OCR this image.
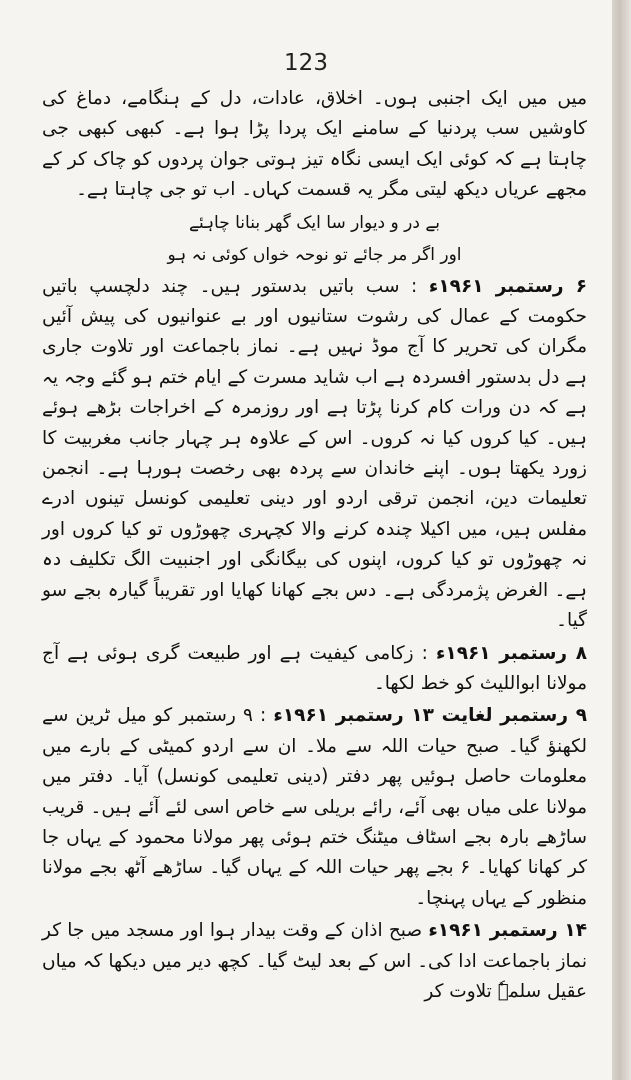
123

میں میں ایک اجنبی ہوں۔ اخلاق، عادات، دل کے ہنگامے، دماغ کی کاوشیں سب پردنیا کے سامنے ایک پردا پڑا ہوا ہے۔ کبھی کبھی جی چاہتا ہے کہ کوئی ایک ایسی نگاہ تیز ہوتی جوان پردوں کو چاک کر کے مجھے عریاں دیکھ لیتی مگر یہ قسمت کہاں۔ اب تو جی چاہتا ہے۔

بے در و دیوار سا ایک گھر بنانا چاہئے

اور اگر مر جائے تو نوحہ خواں کوئی نہ ہو

۶ رستمبر ۱۹۶۱ء : سب باتیں بدستور ہیں۔ چند دلچسپ باتیں حکومت کے عمال کی رشوت ستانیوں اور بے عنوانیوں کی پیش آئیں مگران کی تحریر کا آج موڈ نہیں ہے۔ نماز باجماعت اور تلاوت جاری ہے دل بدستور افسردہ ہے اب شاید مسرت کے ایام ختم ہو گئے وجہ یہ ہے کہ دن ورات کام کرنا پڑتا ہے اور روزمرہ کے اخراجات بڑھے ہوئے ہیں۔ کیا کروں کیا نہ کروں۔ اس کے علاوہ ہر چہار جانب مغربیت کا زورد یکھتا ہوں۔ اپنے خاندان سے پردہ بھی رخصت ہورہا ہے۔ انجمن تعلیمات دین، انجمن ترقی اردو اور دینی تعلیمی کونسل تینوں ادرے مفلس ہیں، میں اکیلا چندہ کرنے والا کچہری چھوڑوں تو کیا کروں اور نہ چھوڑوں تو کیا کروں، اپنوں کی بیگانگی اور اجنبیت الگ تکلیف دہ ہے۔ الغرض پژمردگی ہے۔ دس بجے کھانا کھایا اور تقریباً گیارہ بجے سو گیا۔

۸ رستمبر ۱۹۶۱ء : زکامی کیفیت ہے اور طبیعت گری ہوئی ہے آج مولانا ابواللیث کو خط لکھا۔

۹ رستمبر لغایت ۱۳ رستمبر ۱۹۶۱ء : ۹ رستمبر کو میل ٹرین سے لکھنؤ گیا۔ صبح حیات اللہ سے ملا۔ ان سے اردو کمیٹی کے بارے میں معلومات حاصل ہوئیں پھر دفتر (دینی تعلیمی کونسل) آیا۔ دفتر میں مولانا علی میاں بھی آئے، رائے بریلی سے خاص اسی لئے آئے ہیں۔ قریب ساڑھے بارہ بجے اسٹاف میٹنگ ختم ہوئی پھر مولانا محمود کے یہاں جا کر کھانا کھایا۔ ۶ بجے پھر حیات اللہ کے یہاں گیا۔ ساڑھے آٹھ بجے مولانا منظور کے یہاں پہنچا۔

۱۴ رستمبر ۱۹۶۱ء صبح اذان کے وقت بیدار ہوا اور مسجد میں جا کر نماز باجماعت ادا کی۔ اس کے بعد لیٹ گیا۔ کچھ دیر میں دیکھا کہ میاں عقیل سلمہٗ تلاوت کر
